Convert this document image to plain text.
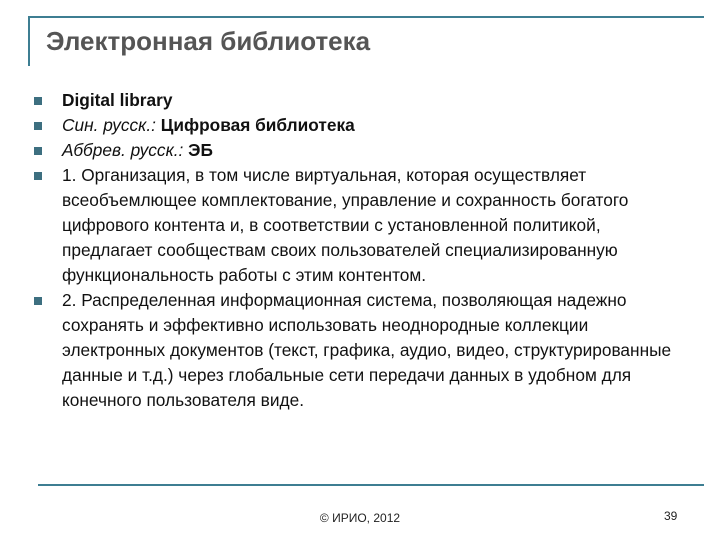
Электронная библиотека
Digital library
Син. русск.: Цифровая библиотека
Аббрев. русск.: ЭБ
1. Организация, в том числе виртуальная, которая осуществляет всеобъемлющее комплектование, управление и сохранность богатого цифрового контента и, в соответствии с установленной политикой, предлагает сообществам своих пользователей специализированную функциональность работы с этим контентом.
2. Распределенная информационная система, позволяющая надежно сохранять и эффективно использовать неоднородные коллекции электронных документов (текст, графика, аудио, видео, структурированные данные и т.д.) через глобальные сети передачи данных в удобном для конечного пользователя виде.
© ИРИО, 2012	39
